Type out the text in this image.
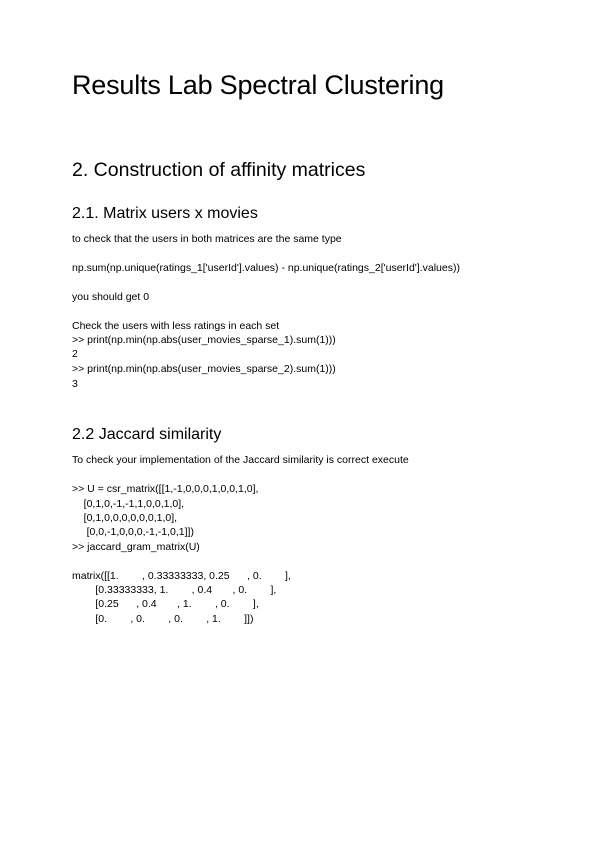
Results Lab Spectral Clustering
2. Construction of affinity matrices
2.1. Matrix users x movies

to check that the users in both matrices are the same type

np.sum(np.unique(ratings_1['userId'].values) - np.unique(ratings_2['userId'].values))

you should get 0

Check the users with less ratings in each set

>> print(np.min(np.abs(user_movies_sparse_1).sum(1)))

2

>> print(np.min(np.abs(user_movies_sparse_2).sum(1)))

3

2.2 Jaccard similarity

To check your implementation of the Jaccard similarity is correct execute

>> U = csr_matrix([[1,-1,0,0,0,1,0,0,1,0],

[0,1,0,-1,-1,1,0,0,1,0],

[0,1,0,0,0,0,0,0,1,0],

[0,0,-1,0,0,0,-1,-1,0,1]])

>> jaccard_gram_matrix(U)

matrix([[1.        , 0.33333333, 0.25      , 0.        ],

[0.33333333, 1.        , 0.4       , 0.        ],

[0.25      , 0.4       , 1.        , 0.        ],

[0.        , 0.        , 0.        , 1.        ]])
